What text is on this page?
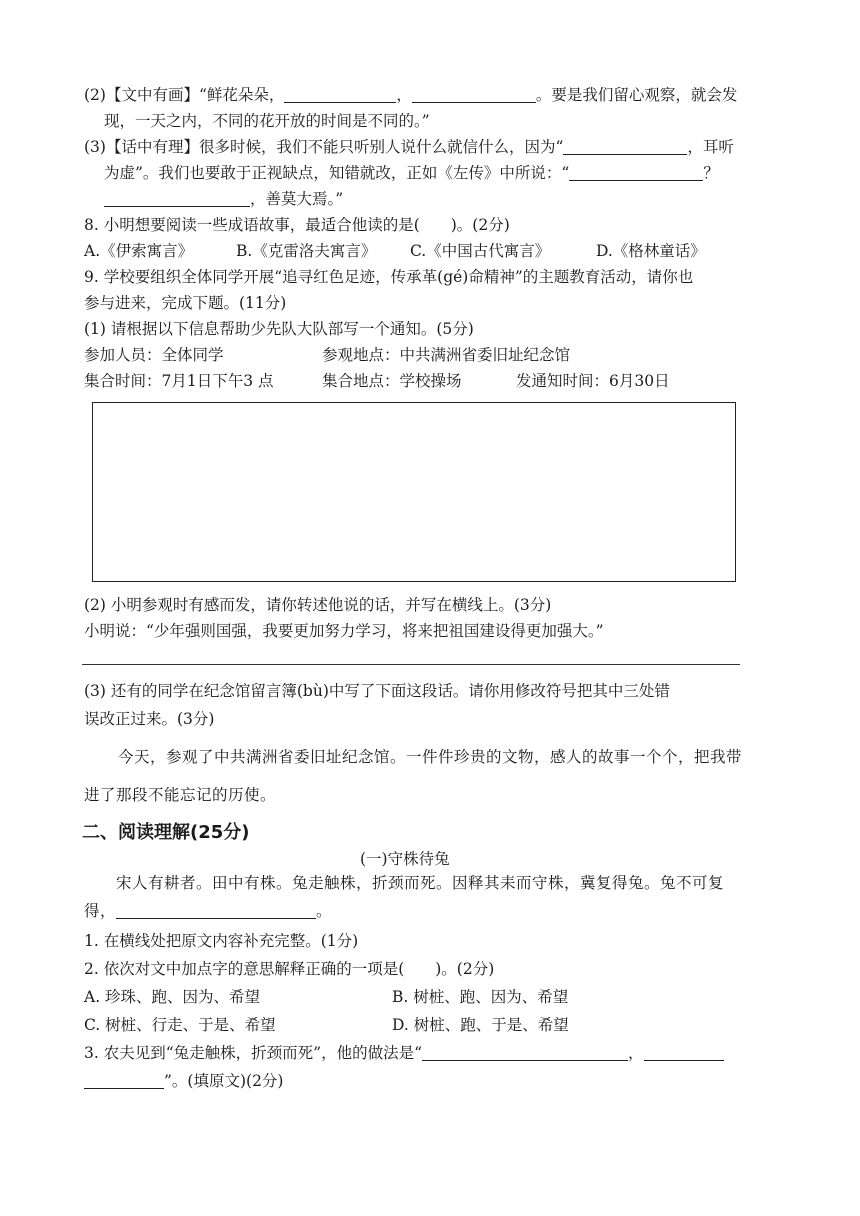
(2)【文中有画】“鲜花朵朵，	，	。要是我们留心观察，就会发
现，一天之内，不同的花开放的时间是不同的。”
(3)【话中有理】很多时候，我们不能只听别人说什么就信什么，因为“	，耳听
为虚”。我们也要敢于正视缺点，知错就改，正如《左传》中所说：“	？
，善莫大焉。”
8. 小明想要阅读一些成语故事，最适合他读的是(　　)。(2分)
A.《伊索寓言》	B.《克雷洛夫寓言》 C.《中国古代寓言》	D.《格林童话》
9. 学校要组织全体同学开展“追寻红色足迹，传承革(gé)命精神”的主题教育活动，请你也
参与进来，完成下题。(11分)
(1) 请根据以下信息帮助少先队大队部写一个通知。(5分)
参加人员：全体同学	参观地点：中共满洲省委旧址纪念馆
集合时间：7月1日下午3 点	集合地点：学校操场	发通知时间：6月30日
(2) 小明参观时有感而发，请你转述他说的话，并写在横线上。(3分)
小明说：“少年强则国强，我要更加努力学习，将来把祖国建设得更加强大。”
(3) 还有的同学在纪念馆留言簿(bù)中写了下面这段话。请你用修改符号把其中三处错
误改正过来。(3分)
今天，参观了中共满洲省委旧址纪念馆。一件件珍贵的文物，感人的故事一个个，把我带
进了那段不能忘记的历使。
二、阅读理解(25分)
(一)守株待兔
宋人有耕者。田中有株。兔走触株，折颈而死。因释其耒而守株，冀复得兔。兔不可复
得，	。
1. 在横线处把原文内容补充完整。(1分)
2. 依次对文中加点字的意思解释正确的一项是(　　)。(2分)
A. 珍珠、跑、因为、希望	B. 树桩、跑、因为、希望
C. 树桩、行走、于是、希望	D. 树桩、跑、于是、希望
3. 农夫见到“兔走触株，折颈而死”，他的做法是“	，
”。(填原文)(2分)
